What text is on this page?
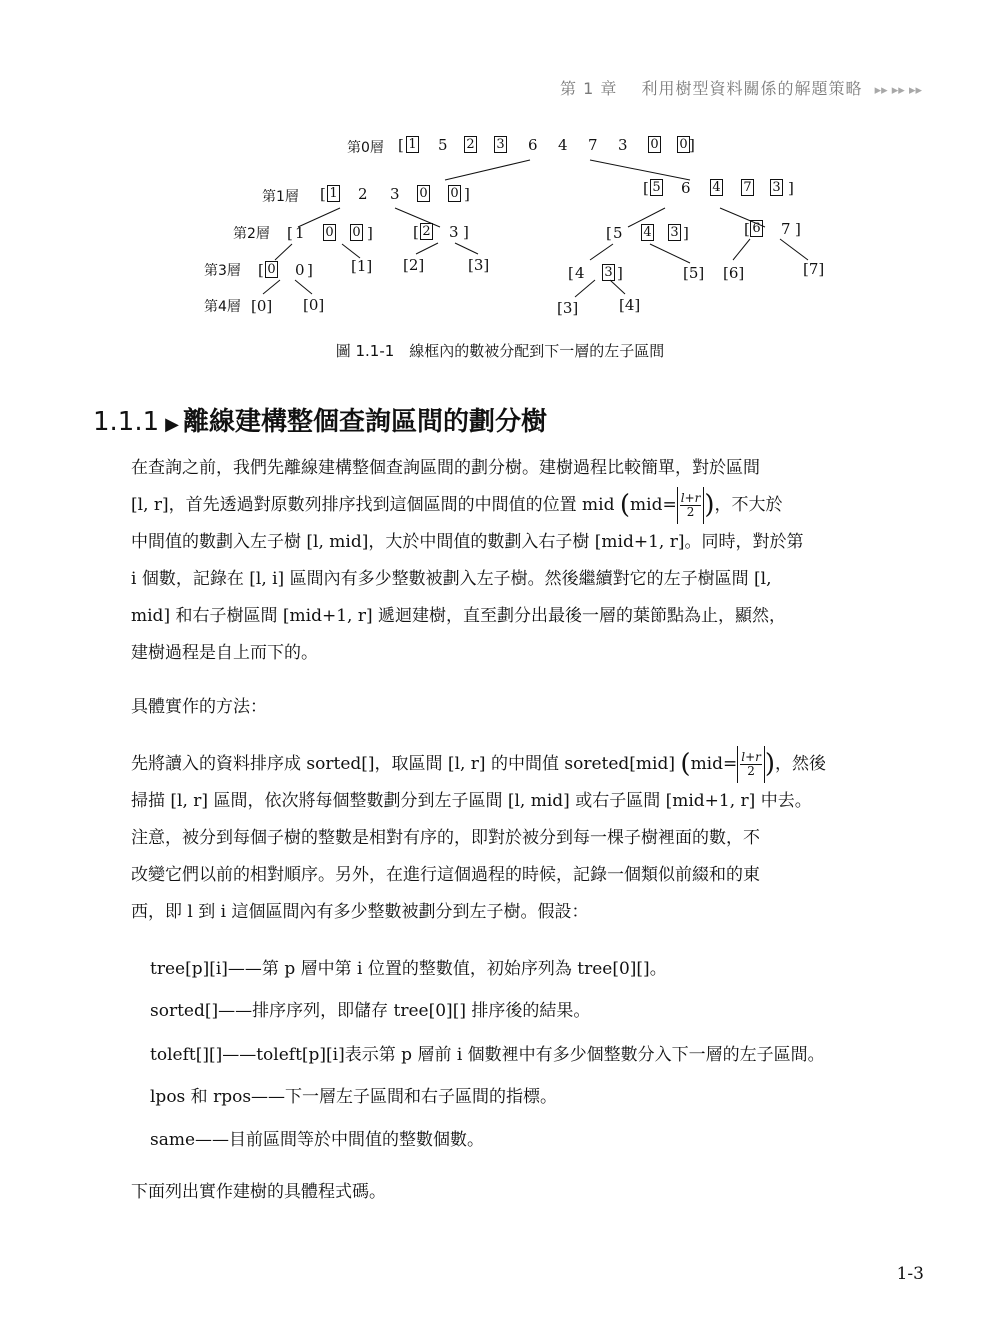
第 1 章 利用樹型資料關係的解題策略 ▸▸ ▸▸ ▸▸
第0層
第1層
第2層
第3層
第4層
[ 1 5 2 3 6 4 7 3 0 0 ]
[ 1 2 3 0 0 ]	[ 5 6 4 7 3 ]
[ 1 0 0 ]	[ 2 3 ]	[ 5 4 3 ]	[ 6 7 ]
[ 0 0 ]	[1] [2]	[3]	[ 4 3 ]	[5] [6]	[7]
[0] [0]	[3]	[4]
圖 1.1-1　線框內的數被分配到下一層的左子區間
1.1.1 ▶ 離線建構整個查詢區間的劃分樹
在查詢之前，我們先離線建構整個查詢區間的劃分樹。建樹過程比較簡單，對於區間
[l, r]，首先透過對原數列排序找到這個區間的中間值的位置 mid ($mid= \frac{l+r}{2}$ )，不大於
中間值的數劃入左子樹 [l, mid]，大於中間值的數劃入右子樹 [mid+1, r]。同時，對於第
i 個數，記錄在 [l, i] 區間內有多少整數被劃入左子樹。然後繼續對它的左子樹區間 [l,
mid] 和右子樹區間 [mid+1, r] 遞迴建樹，直至劃分出最後一層的葉節點為止，顯然，
建樹過程是自上而下的。
具體實作的方法：
先將讀入的資料排序成 sorted[]，取區間 [l, r] 的中間值 soreted[mid] ($mid= \frac{l+r}{2}$ )，然後
掃描 [l, r] 區間，依次將每個整數劃分到左子區間 [l, mid] 或右子區間 [mid+1, r] 中去。
注意，被分到每個子樹的整數是相對有序的，即對於被分到每一棵子樹裡面的數，不
改變它們以前的相對順序。另外，在進行這個過程的時候，記錄一個類似前綴和的東
西，即 l 到 i 這個區間內有多少整數被劃分到左子樹。假設：
tree[p][i]——第 p 層中第 i 位置的整數值，初始序列為 tree[0][]。
sorted[]——排序序列，即儲存 tree[0][] 排序後的結果。
toleft[][]——toleft[p][i]表示第 p 層前 i 個數裡中有多少個整數分入下一層的左子區間。
lpos 和 rpos——下一層左子區間和右子區間的指標。
same——目前區間等於中間值的整數個數。
下面列出實作建樹的具體程式碼。
1-3
